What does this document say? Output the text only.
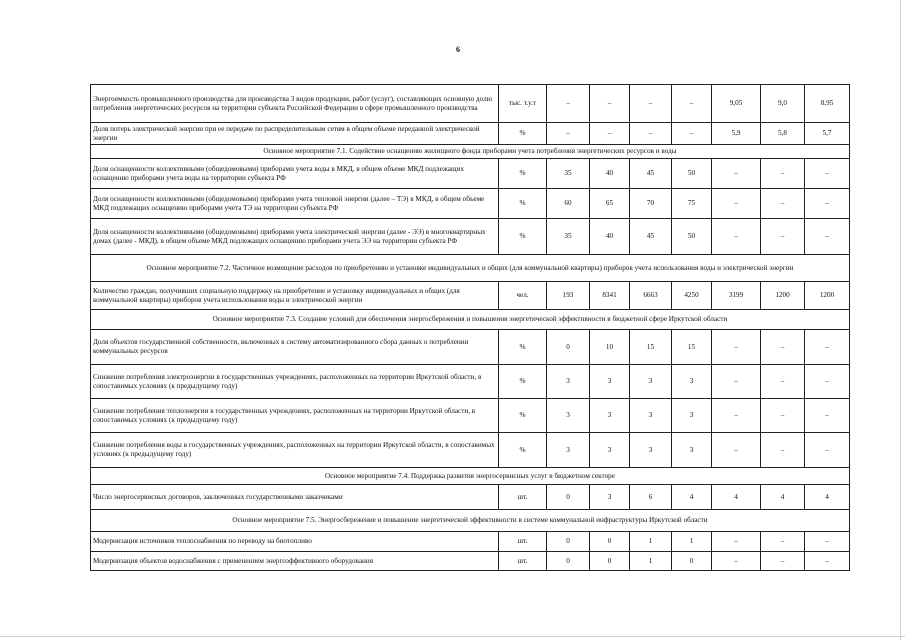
6
Энергоемкость промышленного производства для производства 3 видов продукции, работ (услуг), составляющих основную долю потребления энергетических ресурсов на территории субъекта Российской Федерации в сфере промышленного производства	тыс. т.у.т	–	–	–	–	9,05	9,0	8,95
Доля потерь электрической энергии при ее передаче по распределительным сетям в общем объеме переданной электрической энергии	%	–	–	–	–	5,9	5,8	5,7
Основное мероприятие 7.1. Содействие оснащению жилищного фонда приборами учета потребления энергетических ресурсов и воды								
Доля оснащенности коллективными (общедомовыми) приборами учета воды в МКД, в общем объеме МКД подлежащих оснащению приборами учета воды на территории субъекта РФ	%	35	40	45	50	–	–	–
Доля оснащенности коллективными (общедомовыми) приборами учета тепловой энергии (далее – ТЭ) в МКД, в общем объеме МКД подлежащих оснащению приборами учета ТЭ на территории субъекта РФ	%	60	65	70	75	–	–	–
Доля оснащенности коллективными (общедомовыми) приборами учета электрической энергии (далее - ЭЭ) в многоквартирных домах (далее - МКД), в общем объеме МКД подлежащих оснащению приборами учета ЭЭ на территории субъекта РФ	%	35	40	45	50	–	–	–
Основное мероприятие 7.2. Частичное возмещение расходов по приобретению и установке индивидуальных и общих (для коммунальной квартиры) приборов учета использования воды и электрической энергии								
Количество граждан, получивших социальную поддержку на приобретение и установку индивидуальных и общих (для коммунальной квартиры) приборов учета использования воды и электрической энергии	чел.	193	8341	6663	4250	3199	1200	1200
Основное мероприятие 7.3. Создание условий для обеспечения энергосбережения и повышения энергетической эффективности в бюджетной сфере Иркутской области								
Доля объектов государственной собственности, включенных в систему автоматизированного сбора данных о потреблении коммунальных ресурсов	%	0	10	15	15	–	–	–
Снижение потребления электроэнергии в государственных учреждениях, расположенных на территории Иркутской области, в сопоставимых условиях (к предыдущему году)	%	3	3	3	3	–	–	–
Снижение потребления теплоэнергии в государственных учреждениях, расположенных на территории Иркутской области, в сопоставимых условиях (к предыдущему году)	%	3	3	3	3	–	–	–
Снижение потребления воды в государственных учреждениях, расположенных на территории Иркутской области, в сопоставимых условиях (к предыдущему году)	%	3	3	3	3	–	–	–
Основное мероприятие 7.4. Поддержка развития энергосервисных услуг в бюджетном секторе								
Число энергосервисных договоров, заключенных государственными заказчиками	шт.	0	3	6	4	4	4	4
Основное мероприятие 7.5. Энергосбережение и повышение энергетической эффективности в системе коммунальной инфраструктуры Иркутской области								
Модернизация источников теплоснабжения по переводу на биотопливо	шт.	0	0	1	1	–	–	–
Модернизация объектов водоснабжения с применением энергоэффективного оборудования	шт.	0	0	1	0	–	–	–
